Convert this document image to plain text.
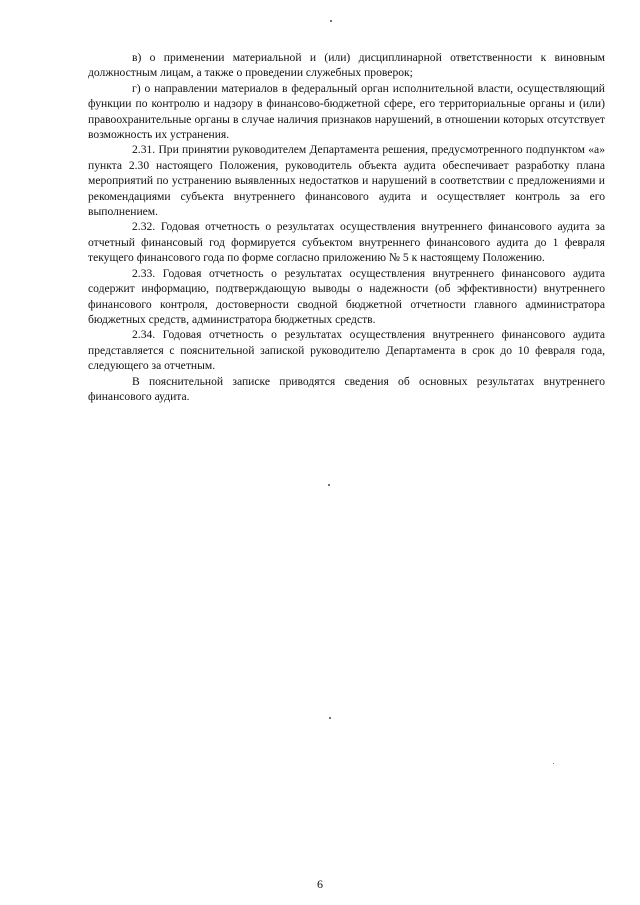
в) о применении материальной и (или) дисциплинарной ответственности к виновным должностным лицам, а также о проведении служебных проверок;

г) о направлении материалов в федеральный орган исполнительной власти, осуществляющий функции по контролю и надзору в финансово-бюджетной сфере, его территориальные органы и (или) правоохранительные органы в случае наличия признаков нарушений, в отношении которых отсутствует возможность их устранения.

2.31. При принятии руководителем Департамента решения, предусмотренного подпунктом «а» пункта 2.30 настоящего Положения, руководитель объекта аудита обеспечивает разработку плана мероприятий по устранению выявленных недостатков и нарушений в соответствии с предложениями и рекомендациями субъекта внутреннего финансового аудита и осуществляет контроль за его выполнением.

2.32. Годовая отчетность о результатах осуществления внутреннего финансового аудита за отчетный финансовый год формируется субъектом внутреннего финансового аудита до 1 февраля текущего финансового года по форме согласно приложению № 5 к настоящему Положению.

2.33. Годовая отчетность о результатах осуществления внутреннего финансового аудита содержит информацию, подтверждающую выводы о надежности (об эффективности) внутреннего финансового контроля, достоверности сводной бюджетной отчетности главного администратора бюджетных средств, администратора бюджетных средств.

2.34. Годовая отчетность о результатах осуществления внутреннего финансового аудита представляется с пояснительной запиской руководителю Департамента в срок до 10 февраля года, следующего за отчетным.

В пояснительной записке приводятся сведения об основных результатах внутреннего финансового аудита.

6
